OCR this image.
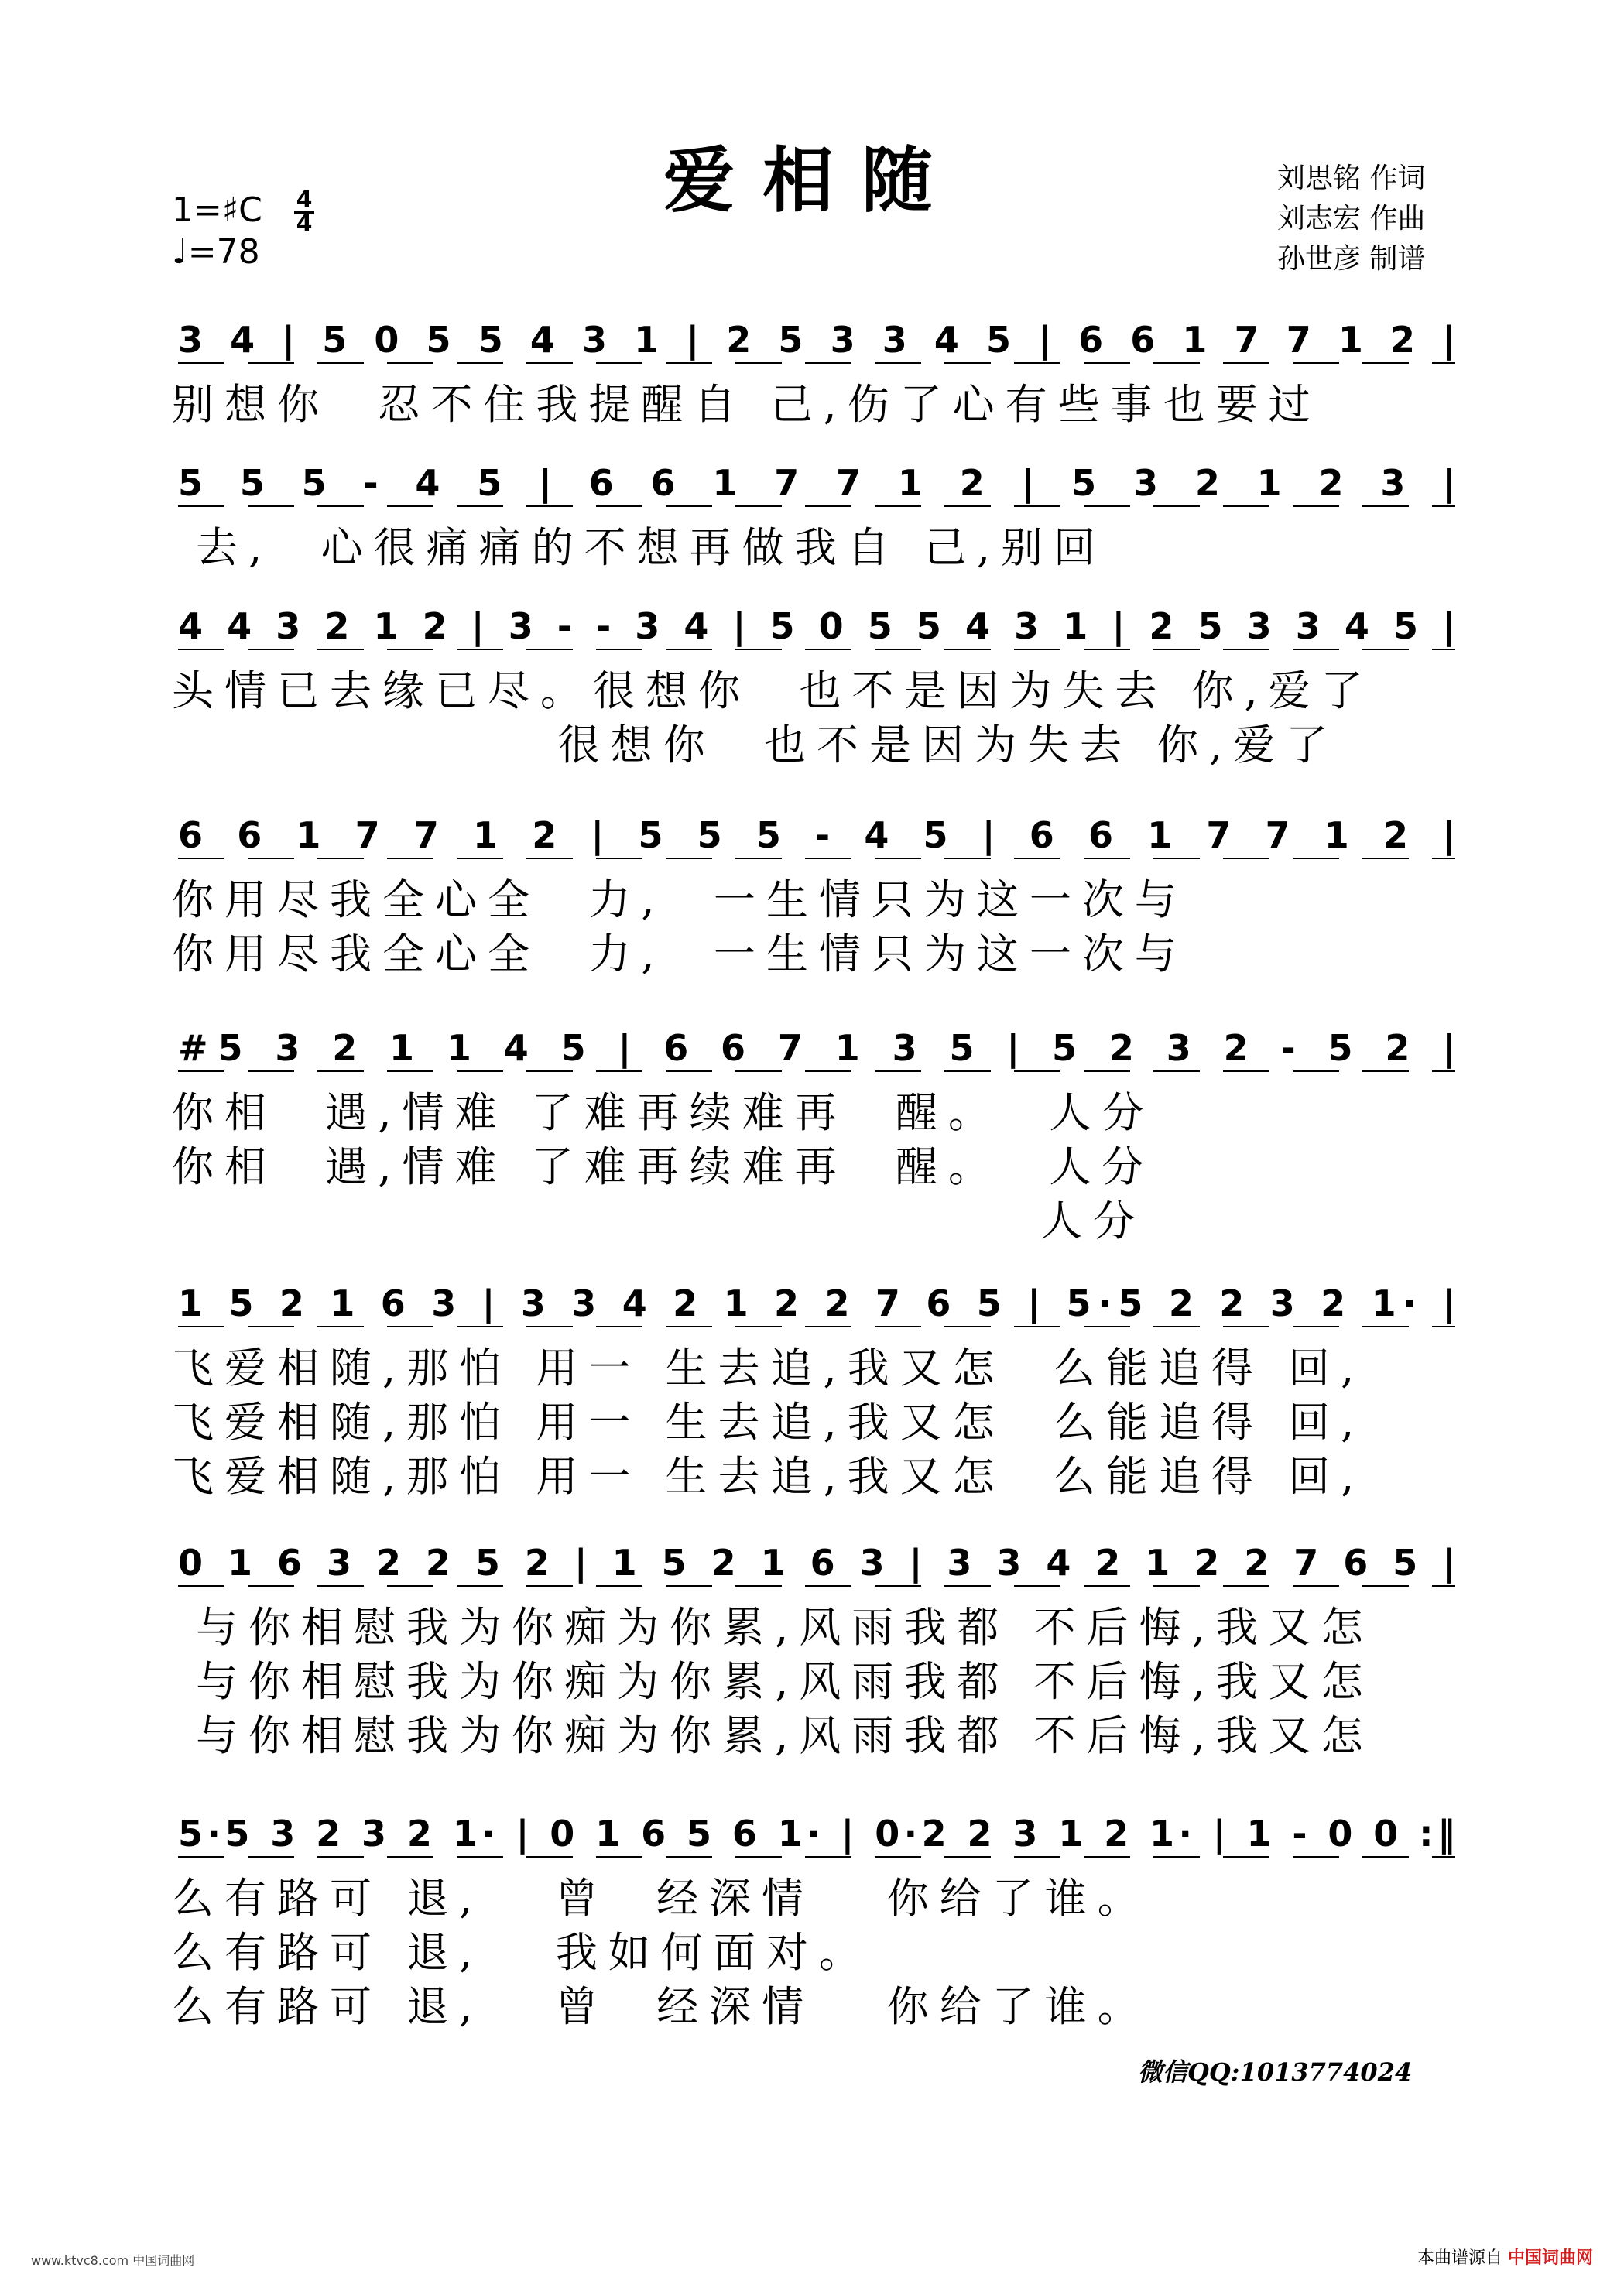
爱相随	刘思铭 作词
刘志宏 作曲
孙世彦 制谱
1=♯C
♩=78
4
4
3 4 | 5 0 5 5 4 3 1 | 2 5 3 3 4 5 | 6 6 1 7 7 1 2 |
5 5 5 - 4 5 | 6 6 1 7 7 1 2 | 5 3 2 1 2 3 |
4 4 3 2 1 2 | 3 - - 3 4 | 5 0 5 5 4 3 1 | 2 5 3 3 4 5 |
6 6 1 7 7 1 2 | 5 5 5 - 4 5 | 6 6 1 7 7 1 2 |
#5 3 2 1 1 4 5 | 6 6 7 1 3 5 | 5 2 3 2 - 5 2 |
1 5 2 1 6 3 | 3 3 4 2 1 2 2 7 6 5 | 5·5 2 2 3 2 1· |
0 1 6 3 2 2 5 2 | 1 5 2 1 6 3 | 3 3 4 2 1 2 2 7 6 5 |
5·5 3 2 3 2 1· | 0 1 6 5 6 1· | 0·2 2 3 1 2 1· | 1 - 0 0 :‖
别想你  忍不住我提醒自 己,伤了心有些事也要过
去,  心很痛痛的不想再做我自 己,别回
头情已去缘已尽。很想你  也不是因为失去 你,爱了
很想你  也不是因为失去 你,爱了
你用尽我全心全  力,  一生情只为这一次与
你用尽我全心全  力,  一生情只为这一次与
你相  遇,情难 了难再续难再  醒。  人分
你相  遇,情难 了难再续难再  醒。  人分
人分
飞爱相随,那怕 用一 生去追,我又怎  么能追得 回,
飞爱相随,那怕 用一 生去追,我又怎  么能追得 回,
飞爱相随,那怕 用一 生去追,我又怎  么能追得 回,
与你相慰我为你痴为你累,风雨我都 不后悔,我又怎
与你相慰我为你痴为你累,风雨我都 不后悔,我又怎
与你相慰我为你痴为你累,风雨我都 不后悔,我又怎
么有路可 退,   曾  经深情   你给了谁。
么有路可 退,   我如何面对。
么有路可 退,   曾  经深情   你给了谁。
微信QQ:1013774024
www.ktvc8.com 中国词曲网	本曲谱源自 中国词曲网
